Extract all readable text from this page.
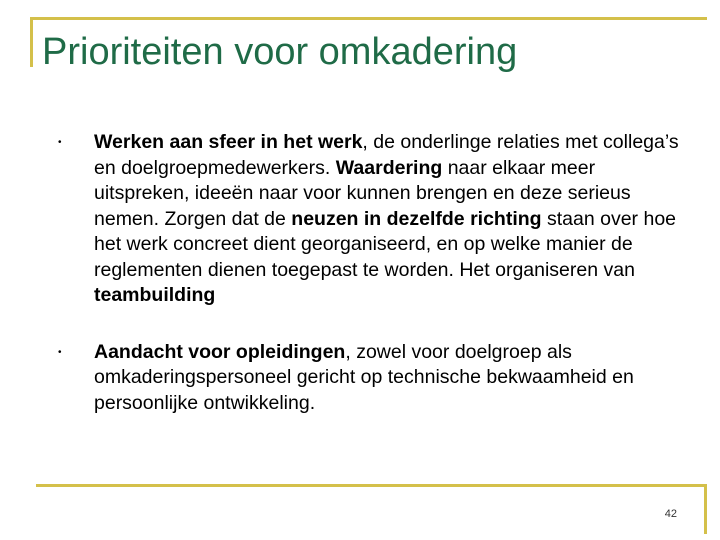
Prioriteiten voor omkadering
•	Werken aan sfeer in het werk, de onderlinge relaties met collega’s en doelgroepmedewerkers. Waardering naar elkaar meer uitspreken, ideeën naar voor kunnen brengen en deze serieus nemen. Zorgen dat de neuzen in dezelfde richting staan over hoe het werk concreet dient georganiseerd, en op welke manier de reglementen dienen toegepast te worden. Het organiseren van teambuilding
•	Aandacht voor opleidingen, zowel voor doelgroep als omkaderingspersoneel gericht op technische bekwaamheid en persoonlijke ontwikkeling.
42
